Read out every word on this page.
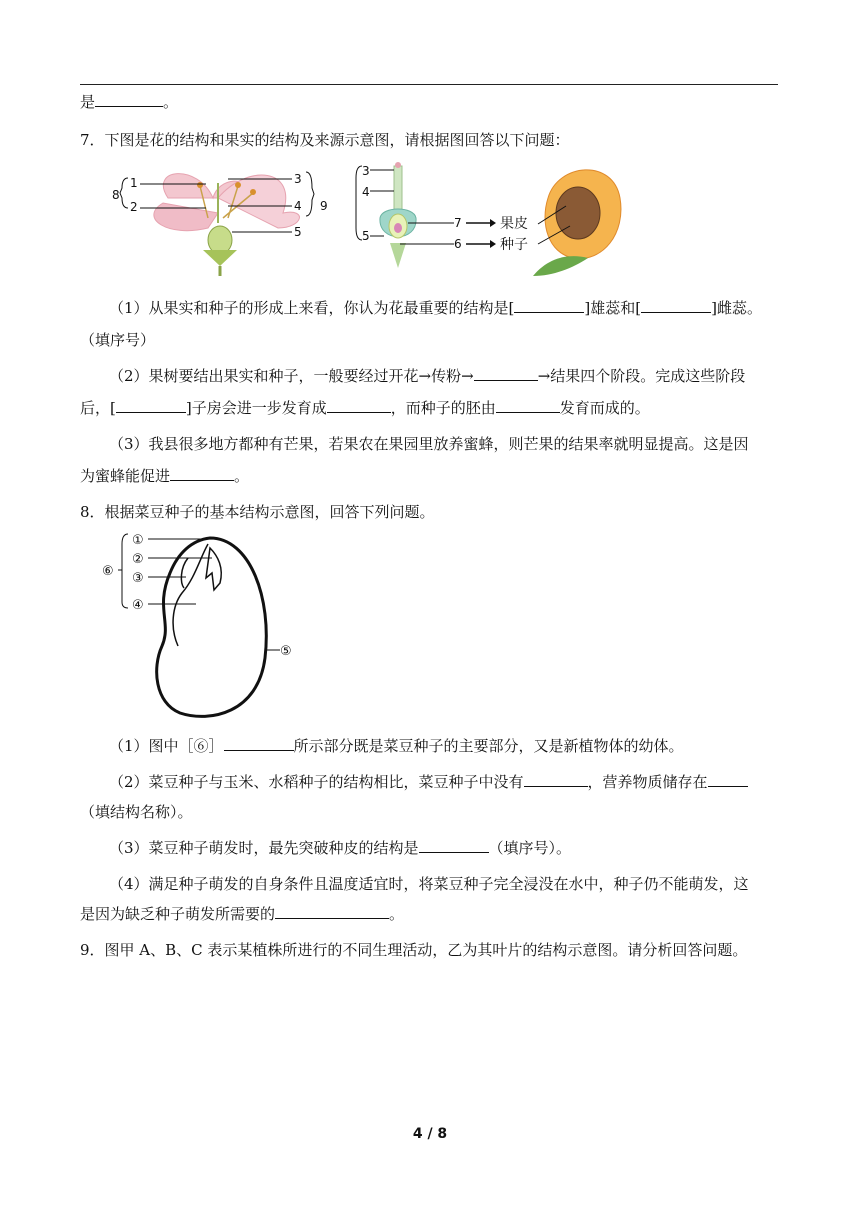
是	。
7．下图是花的结构和果实的结构及来源示意图，请根据图回答以下问题：
8
1
2
3
4
5
9
3
4
5
7
6
果皮
种子
（1）从果实和种子的形成上来看，你认为花最重要的结构是[	]雄蕊和[	]雌蕊。
（填序号）
（2）果树要结出果实和种子，一般要经过开花→传粉→	→结果四个阶段。完成这些阶段
后，[	]子房会进一步发育成	，而种子的胚由	发育而成的。
（3）我县很多地方都种有芒果，若果农在果园里放养蜜蜂，则芒果的结果率就明显提高。这是因
为蜜蜂能促进	。
8．根据菜豆种子的基本结构示意图，回答下列问题。
⑥
①
②
③
④
⑤
（1）图中［⑥］	所示部分既是菜豆种子的主要部分，又是新植物体的幼体。
（2）菜豆种子与玉米、水稻种子的结构相比，菜豆种子中没有	，营养物质储存在
（填结构名称）。
（3）菜豆种子萌发时，最先突破种皮的结构是	（填序号）。
（4）满足种子萌发的自身条件且温度适宜时，将菜豆种子完全浸没在水中，种子仍不能萌发，这
是因为缺乏种子萌发所需要的	。
9．图甲 A、B、C 表示某植株所进行的不同生理活动，乙为其叶片的结构示意图。请分析回答问题。
4 / 8
